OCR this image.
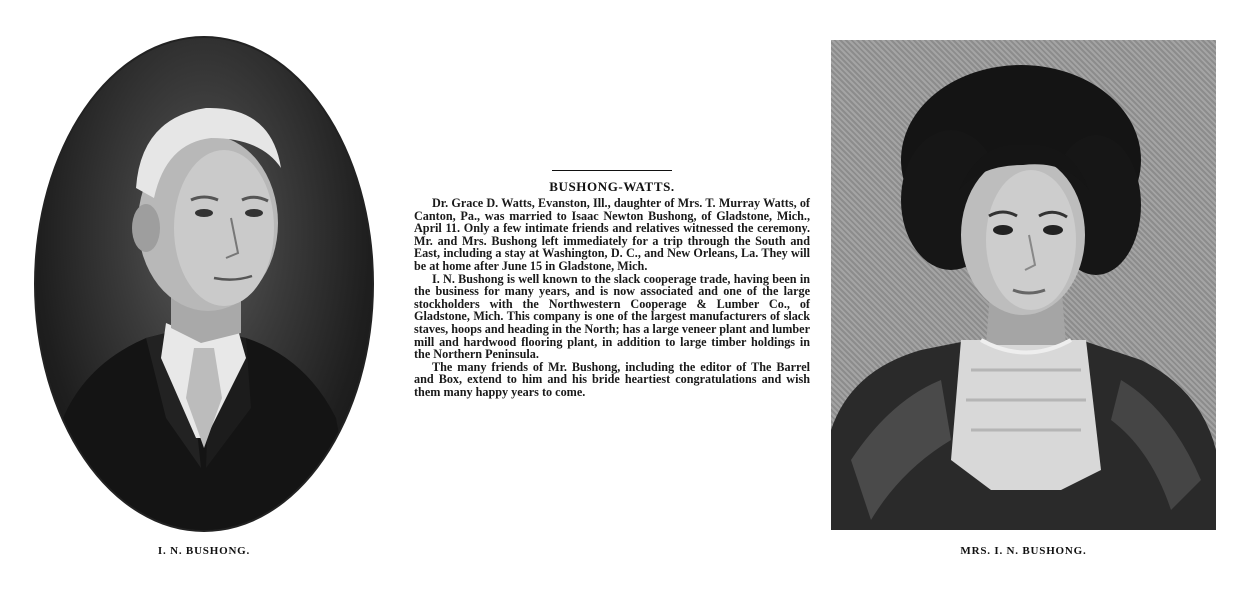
I. N. BUSHONG.
BUSHONG-WATTS.

Dr. Grace D. Watts, Evanston, Ill., daughter of Mrs. T. Murray Watts, of Canton, Pa., was married to Isaac Newton Bushong, of Gladstone, Mich., April 11. Only a few intimate friends and relatives witnessed the ceremony. Mr. and Mrs. Bushong left immediately for a trip through the South and East, including a stay at Washington, D. C., and New Orleans, La. They will be at home after June 15 in Gladstone, Mich.

I. N. Bushong is well known to the slack cooperage trade, having been in the business for many years, and is now associated and one of the large stockholders with the Northwestern Cooperage & Lumber Co., of Gladstone, Mich. This company is one of the largest manufacturers of slack staves, hoops and heading in the North; has a large veneer plant and lumber mill and hardwood flooring plant, in addition to large timber holdings in the Northern Peninsula.

The many friends of Mr. Bushong, including the editor of The Barrel and Box, extend to him and his bride heartiest congratulations and wish them many happy years to come.

MRS. I. N. BUSHONG.
